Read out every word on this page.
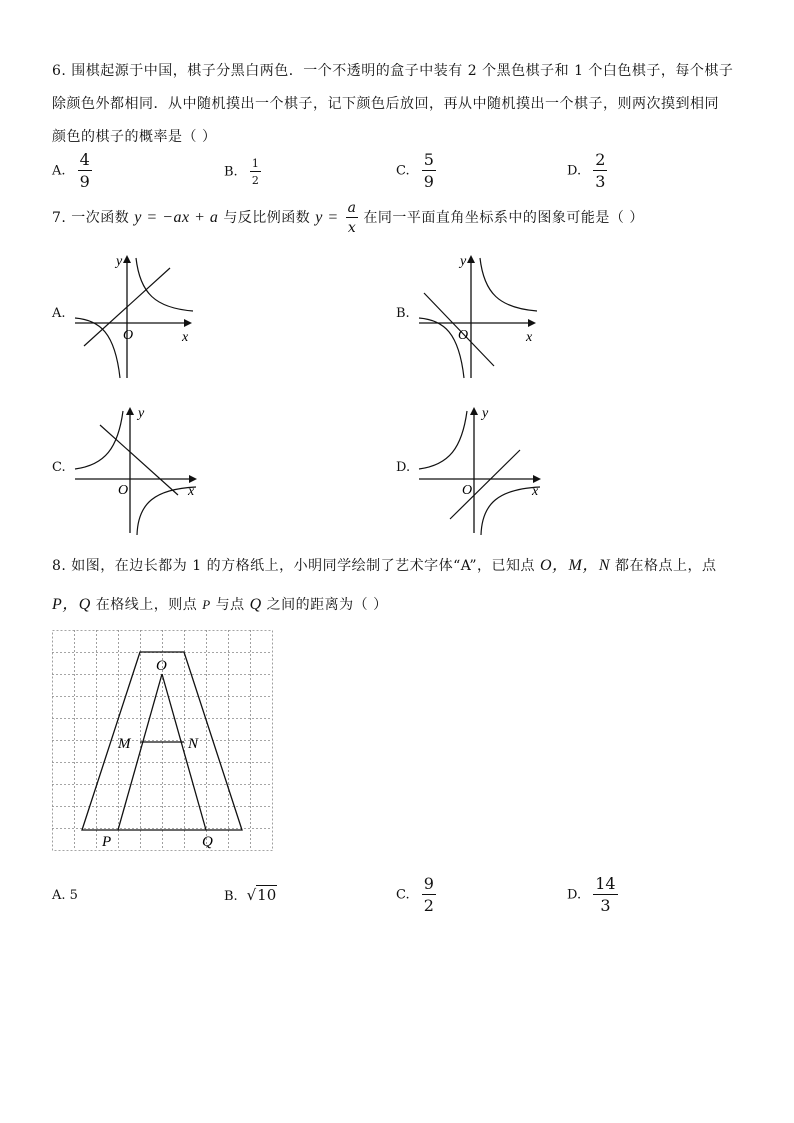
6. 围棋起源于中国，棋子分黑白两色．一个不透明的盒子中装有 2 个黑色棋子和 1 个白色棋子，每个棋子
除颜色外都相同．从中随机摸出一个棋子，记下颜色后放回，再从中随机摸出一个棋子，则两次摸到相同
颜色的棋子的概率是（ ）
A. $\frac{4}{9}$	B. $\frac{1}{2}$	C. $\frac{5}{9}$	D. $\frac{2}{3}$
7. 一次函数 y = −ax + a 与反比例函数 $y = \frac{a}{x}$ 在同一平面直角坐标系中的图象可能是（ ）
A.
O	x
y
B.
O	x
y
C.
O	x
y
D.
O	x
y
8. 如图，在边长都为 1 的方格纸上，小明同学绘制了艺术字体“A”，已知点 O，M，N 都在格点上，点
P，Q 在格线上，则点 P 与点 Q 之间的距离为（ ）
O
M	N
P	Q
A. 5	B.  √10	C. $\frac{9}{2}$	D. $\frac{14}{3}$
